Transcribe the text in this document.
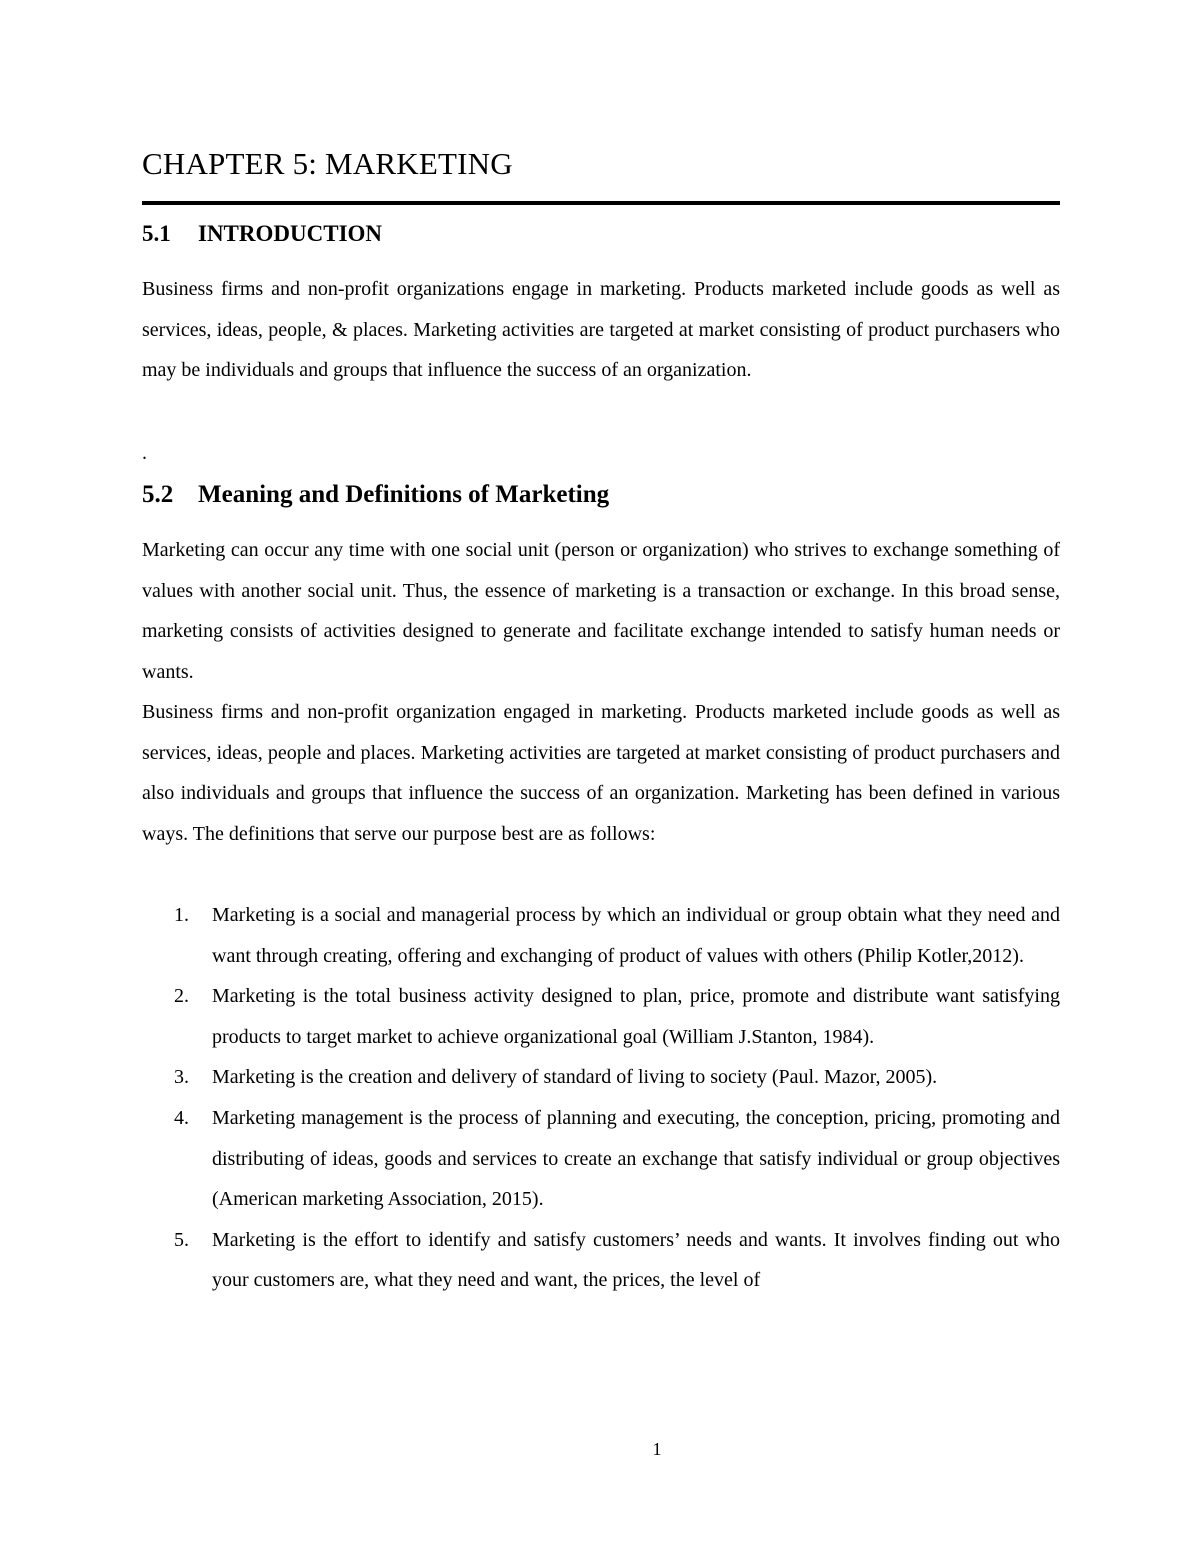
CHAPTER 5: MARKETING
5.1 INTRODUCTION

Business firms and non-profit organizations engage in marketing. Products marketed include goods as well as services, ideas, people, & places. Marketing activities are targeted at market consisting of product purchasers who may be individuals and groups that influence the success of an organization.

.

5.2 Meaning and Definitions of Marketing

Marketing can occur any time with one social unit (person or organization) who strives to exchange something of values with another social unit. Thus, the essence of marketing is a transaction or exchange. In this broad sense, marketing consists of activities designed to generate and facilitate exchange intended to satisfy human needs or wants.

Business firms and non-profit organization engaged in marketing. Products marketed include goods as well as services, ideas, people and places. Marketing activities are targeted at market consisting of product purchasers and also individuals and groups that influence the success of an organization. Marketing has been defined in various ways. The definitions that serve our purpose best are as follows:

1. Marketing is a social and managerial process by which an individual or group obtain what they need and want through creating, offering and exchanging of product of values with others (Philip Kotler,2012).
2. Marketing is the total business activity designed to plan, price, promote and distribute want satisfying products to target market to achieve organizational goal (William J.Stanton, 1984).
3. Marketing is the creation and delivery of standard of living to society (Paul. Mazor, 2005).
4. Marketing management is the process of planning and executing, the conception, pricing, promoting and distributing of ideas, goods and services to create an exchange that satisfy individual or group objectives (American marketing Association, 2015).
5. Marketing is the effort to identify and satisfy customers’ needs and wants. It involves finding out who your customers are, what they need and want, the prices, the level of

1
